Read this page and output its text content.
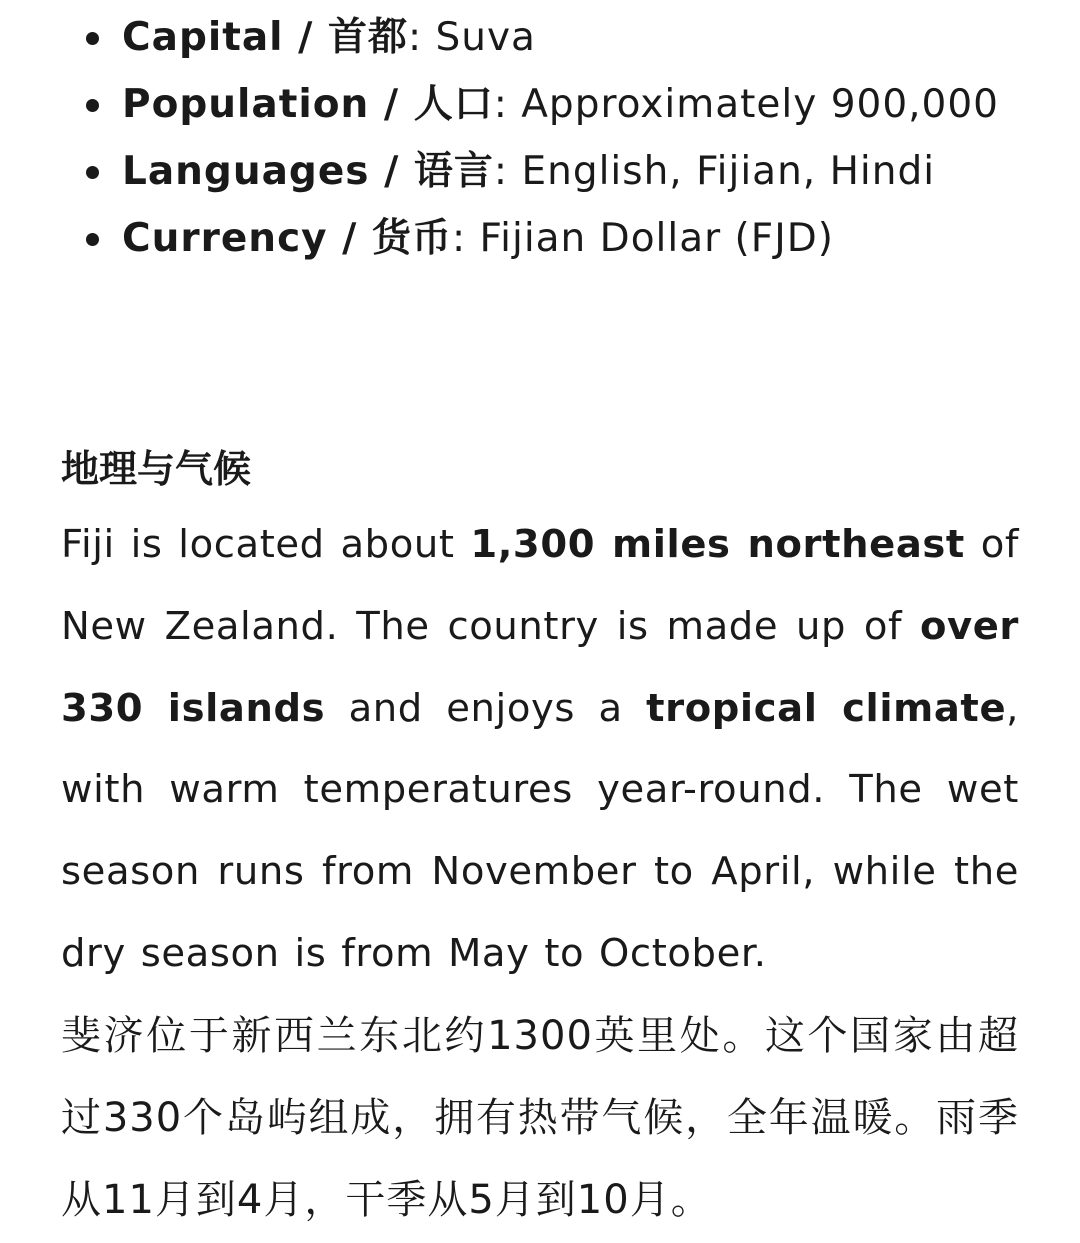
Capital / 首都: Suva
Population / 人口: Approximately 900,000
Languages / 语言: English, Fijian, Hindi
Currency / 货币: Fijian Dollar (FJD)
地理与气候

Fiji is located about 1,300 miles northeast of New Zealand. The country is made up of over 330 islands and enjoys a tropical climate, with warm temperatures year-round. The wet season runs from November to April, while the dry season is from May to October.

斐济位于新西兰东北约1300英里处。这个国家由超过330个岛屿组成，拥有热带气候，全年温暖。雨季从11月到4月，干季从5月到10月。
